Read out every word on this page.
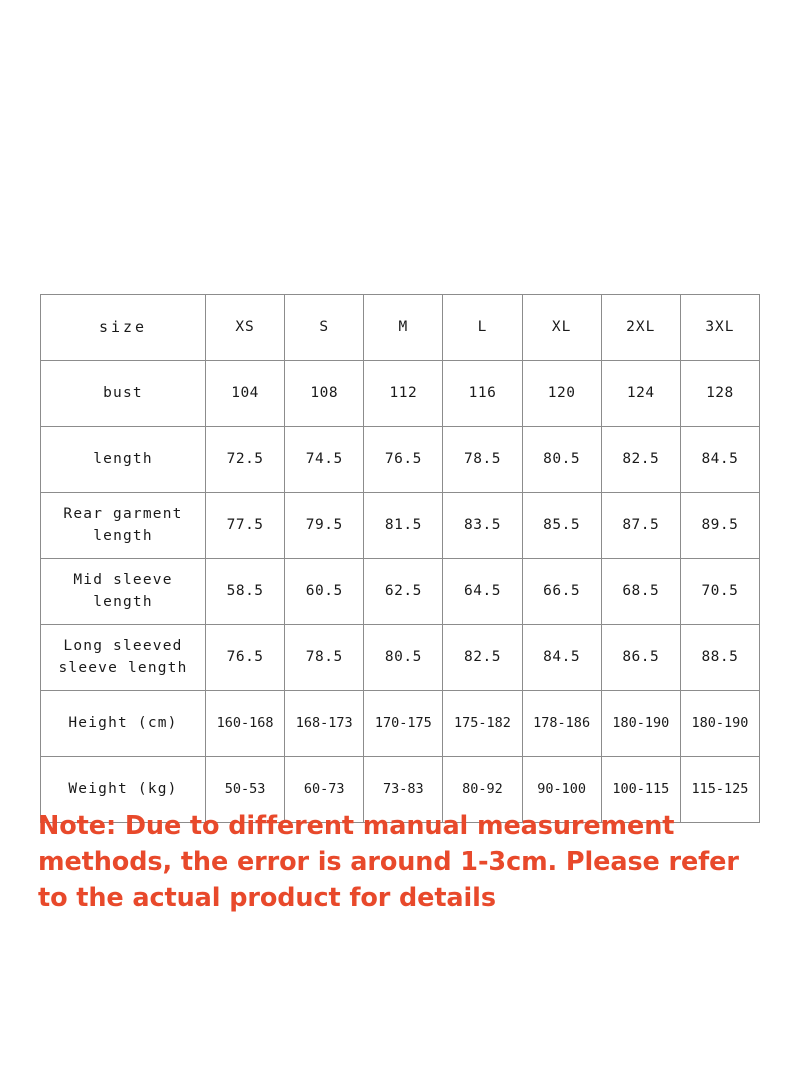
size	XS	S	M	L	XL	2XL	3XL
bust	104	108	112	116	120	124	128
length	72.5	74.5	76.5	78.5	80.5	82.5	84.5
Rear garment
length	77.5	79.5	81.5	83.5	85.5	87.5	89.5
Mid sleeve
length	58.5	60.5	62.5	64.5	66.5	68.5	70.5
Long sleeved
sleeve length	76.5	78.5	80.5	82.5	84.5	86.5	88.5
Height (cm)	160-168	168-173	170-175	175-182	178-186	180-190	180-190
Weight (kg)	50-53	60-73	73-83	80-92	90-100	100-115	115-125
Note: Due to different manual measurement methods, the error is around 1-3cm. Please refer to the actual product for details
